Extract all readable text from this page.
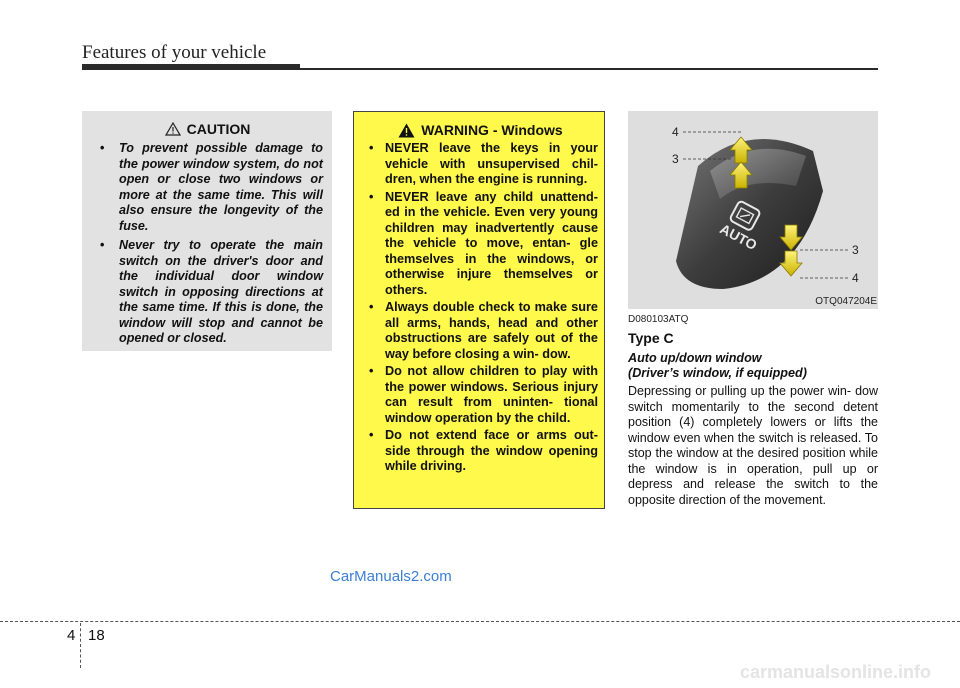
Features of your vehicle
CAUTION
• To prevent possible damage to the power window system, do not open or close two windows or more at the same time. This will also ensure the longevity of the fuse.
• Never try to operate the main switch on the driver's door and the individual door window switch in opposing directions at the same time. If this is done, the window will stop and cannot be opened or closed.
WARNING - Windows
• NEVER leave the keys in your vehicle with unsupervised chil- dren, when the engine is running.
• NEVER leave any child unattend- ed in the vehicle. Even very young children may inadvertently cause the vehicle to move, entan- gle themselves in the windows, or otherwise injure themselves or others.
• Always double check to make sure all arms, hands, head and other obstructions are safely out of the way before closing a win- dow.
• Do not allow children to play with the power windows. Serious injury can result from uninten- tional window operation by the child.
• Do not extend face or arms out- side through the window opening while driving.
AUTO
4
3
3
4
OTQ047204E
D080103ATQ
Type C
Auto up/down window
(Driver’s window, if equipped)

Depressing or pulling up the power win- dow switch momentarily to the second detent position (4) completely lowers or lifts the window even when the switch is released. To stop the window at the desired position while the window is in operation, pull up or depress and release the switch to the opposite direction of the movement.

CarManuals2.com
4 18
carmanualsonline.info
